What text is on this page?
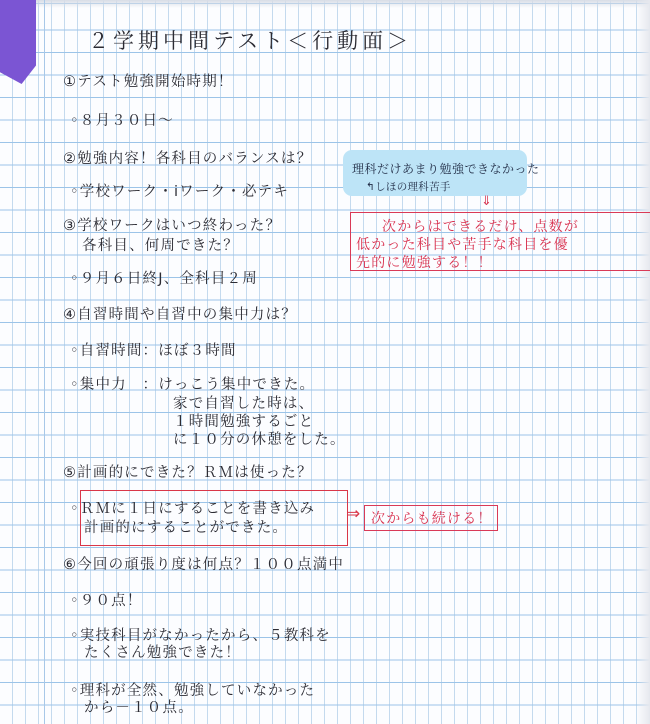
２学期中間テスト＜行動面＞
①テスト勉強開始時期！
◦８月３０日〜
②勉強内容！各科目のバランスは？
◦学校ワーク・iワーク・必テキ
③学校ワークはいつ終わった？
各科目、何周できた？
◦９月６日終J、全科目２周
④自習時間や自習中の集中力は？
◦自習時間：ほぼ３時間
◦集中力　：けっこう集中できた。
家で自習した時は、
１時間勉強するごと
に１０分の休憩をした。
⑤計画的にできた？ＲＭは使った？
◦ＲＭに１日にすることを書き込み
計画的にすることができた。
⑥今回の頑張り度は何点？１００点満中
◦９０点！
◦実技科目がなかったから、５教科を
たくさん勉強できた！
◦理科が全然、勉強していなかった
から－１０点。
理科だけあまり勉強できなかった
↰しほの理科苦手
⇓
次からはできるだけ、点数が
低かった科目や苦手な科目を優
先的に勉強する！！
⇒ 次からも続ける！
